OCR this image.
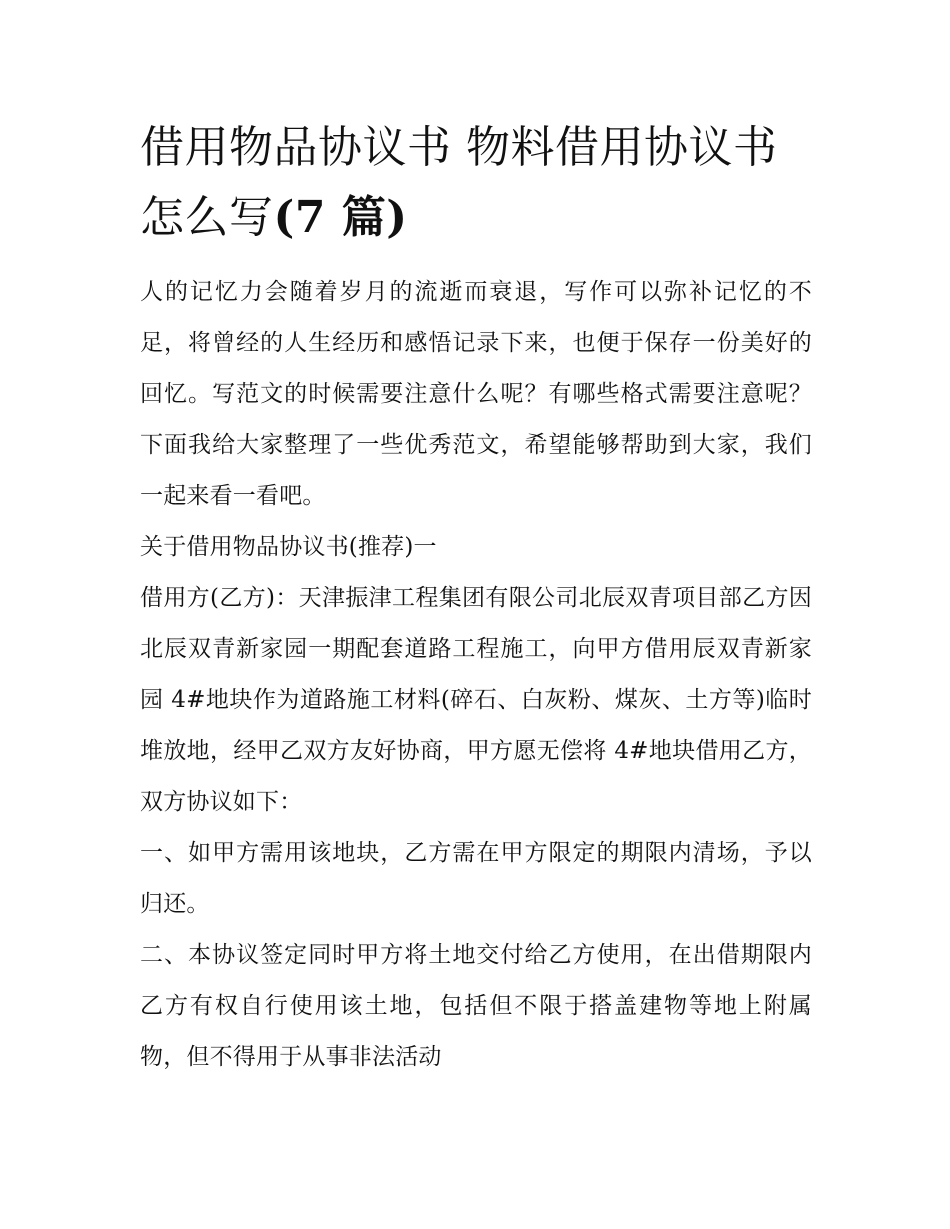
借用物品协议书 物料借用协议书怎么写(7 篇)

人的记忆力会随着岁月的流逝而衰退，写作可以弥补记忆的不足，将曾经的人生经历和感悟记录下来，也便于保存一份美好的回忆。写范文的时候需要注意什么呢？有哪些格式需要注意呢？下面我给大家整理了一些优秀范文，希望能够帮助到大家，我们一起来看一看吧。

关于借用物品协议书(推荐)一

借用方(乙方)：天津振津工程集团有限公司北辰双青项目部乙方因北辰双青新家园一期配套道路工程施工，向甲方借用辰双青新家园 4#地块作为道路施工材料(碎石、白灰粉、煤灰、土方等)临时堆放地，经甲乙双方友好协商，甲方愿无偿将 4#地块借用乙方，双方协议如下：

一、如甲方需用该地块，乙方需在甲方限定的期限内清场，予以归还。

二、本协议签定同时甲方将土地交付给乙方使用，在出借期限内乙方有权自行使用该土地，包括但不限于搭盖建物等地上附属物，但不得用于从事非法活动
